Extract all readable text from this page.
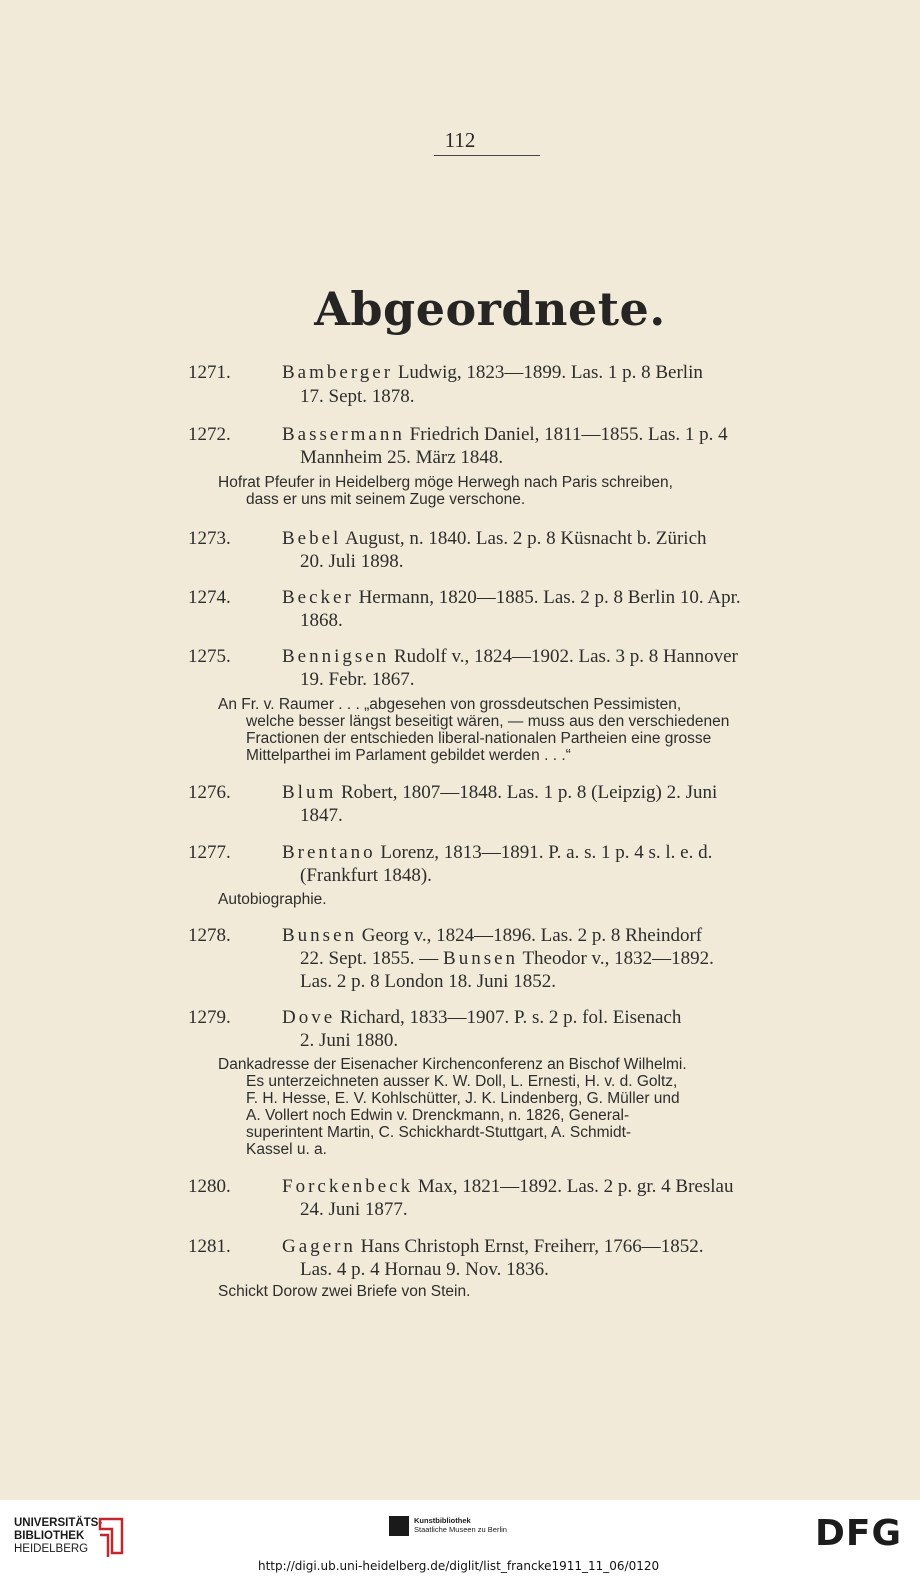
112
Abgeordnete.
1271.	Bamberger Ludwig, 1823—1899. Las. 1 p. 8 Berlin
17. Sept. 1878.
1272.	Bassermann Friedrich Daniel, 1811—1855. Las. 1 p. 4
Mannheim 25. März 1848.
Hofrat Pfeufer in Heidelberg möge Herwegh nach Paris schreiben,
dass er uns mit seinem Zuge verschone.
1273.	Bebel August, n. 1840. Las. 2 p. 8 Küsnacht b. Zürich
20. Juli 1898.
1274.	Becker Hermann, 1820—1885. Las. 2 p. 8 Berlin 10. Apr.
1868.
1275.	Bennigsen Rudolf v., 1824—1902. Las. 3 p. 8 Hannover
19. Febr. 1867.
An Fr. v. Raumer . . . „abgesehen von grossdeutschen Pessimisten,
welche besser längst beseitigt wären, — muss aus den verschiedenen
Fractionen der entschieden liberal-nationalen Partheien eine grosse
Mittelparthei im Parlament gebildet werden . . .“
1276.	Blum Robert, 1807—1848. Las. 1 p. 8 (Leipzig) 2. Juni
1847.
1277.	Brentano Lorenz, 1813—1891. P. a. s. 1 p. 4 s. l. e. d.
(Frankfurt 1848).
Autobiographie.
1278.	Bunsen Georg v., 1824—1896. Las. 2 p. 8 Rheindorf
22. Sept. 1855. — Bunsen Theodor v., 1832—1892.
Las. 2 p. 8 London 18. Juni 1852.
1279.	Dove Richard, 1833—1907. P. s. 2 p. fol. Eisenach
2. Juni 1880.
Dankadresse der Eisenacher Kirchenconferenz an Bischof Wilhelmi.
Es unterzeichneten ausser K. W. Doll, L. Ernesti, H. v. d. Goltz,
F. H. Hesse, E. V. Kohlschütter, J. K. Lindenberg, G. Müller und
A. Vollert noch Edwin v. Drenckmann, n. 1826, General-
superintent Martin, C. Schickhardt-Stuttgart, A. Schmidt-
Kassel u. a.
1280.	Forckenbeck Max, 1821—1892. Las. 2 p. gr. 4 Breslau
24. Juni 1877.
1281.	Gagern Hans Christoph Ernst, Freiherr, 1766—1852.
Las. 4 p. 4 Hornau 9. Nov. 1836.
Schickt Dorow zwei Briefe von Stein.
UNIVERSITÄTS-
BIBLIOTHEK
HEIDELBERG
Kunstbibliothek
Staatliche Museen zu Berlin	DFG
http://digi.ub.uni-heidelberg.de/diglit/list_francke1911_11_06/0120
